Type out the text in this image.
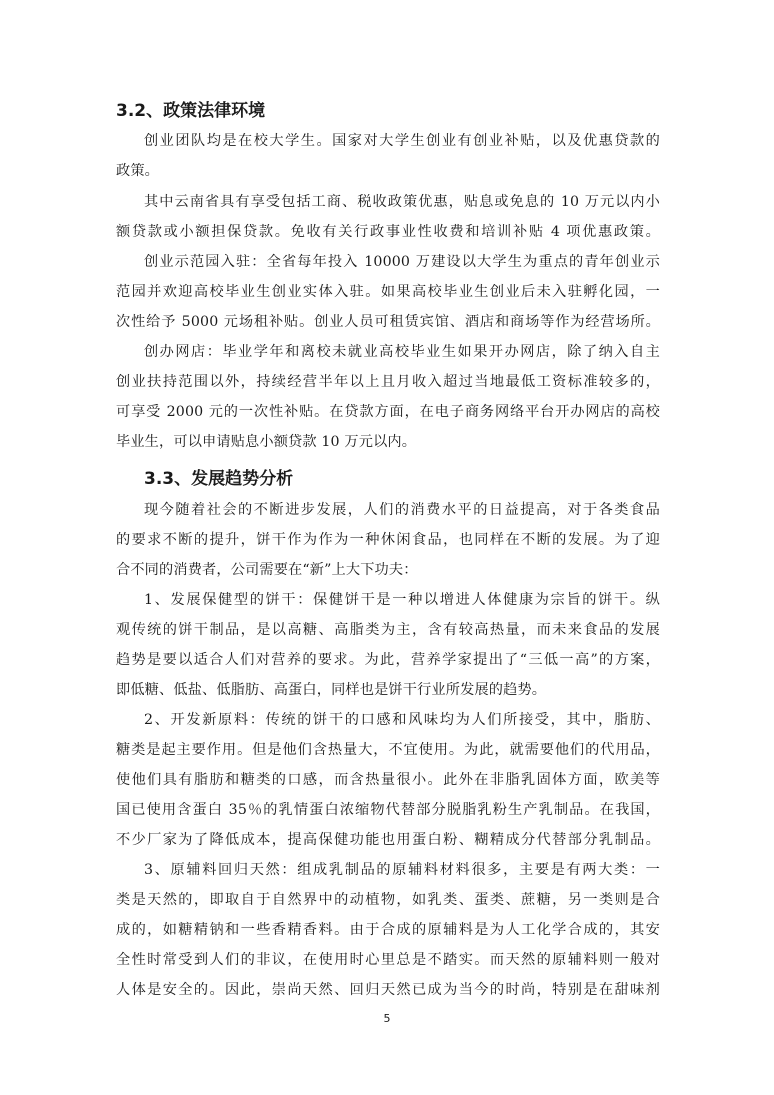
3.2、政策法律环境
创业团队均是在校大学生。国家对大学生创业有创业补贴，以及优惠贷款的
政策。
其中云南省具有享受包括工商、税收政策优惠，贴息或免息的 10 万元以内小
额贷款或小额担保贷款。免收有关行政事业性收费和培训补贴 4 项优惠政策。
创业示范园入驻：全省每年投入 10000 万建设以大学生为重点的青年创业示
范园并欢迎高校毕业生创业实体入驻。如果高校毕业生创业后未入驻孵化园，一
次性给予 5000 元场租补贴。创业人员可租赁宾馆、酒店和商场等作为经营场所。
创办网店：毕业学年和离校未就业高校毕业生如果开办网店，除了纳入自主
创业扶持范围以外，持续经营半年以上且月收入超过当地最低工资标准较多的，
可享受 2000 元的一次性补贴。在贷款方面，在电子商务网络平台开办网店的高校
毕业生，可以申请贴息小额贷款 10 万元以内。
3.3、发展趋势分析
现今随着社会的不断进步发展，人们的消费水平的日益提高，对于各类食品
的要求不断的提升，饼干作为作为一种休闲食品，也同样在不断的发展。为了迎
合不同的消费者，公司需要在“新”上大下功夫：
1、发展保健型的饼干：保健饼干是一种以增进人体健康为宗旨的饼干。纵
观传统的饼干制品，是以高糖、高脂类为主，含有较高热量，而未来食品的发展
趋势是要以适合人们对营养的要求。为此，营养学家提出了“三低一高”的方案，
即低糖、低盐、低脂肪、高蛋白，同样也是饼干行业所发展的趋势。
2、开发新原料：传统的饼干的口感和风味均为人们所接受，其中，脂肪、
糖类是起主要作用。但是他们含热量大，不宜使用。为此，就需要他们的代用品，
使他们具有脂肪和糖类的口感，而含热量很小。此外在非脂乳固体方面，欧美等
国已使用含蛋白 35％的乳情蛋白浓缩物代替部分脱脂乳粉生产乳制品。在我国，
不少厂家为了降低成本，提高保健功能也用蛋白粉、糊精成分代替部分乳制品。
3、原辅料回归天然：组成乳制品的原辅料材料很多，主要是有两大类：一
类是天然的，即取自于自然界中的动植物，如乳类、蛋类、蔗糖，另一类则是合
成的，如糖精钠和一些香精香料。由于合成的原辅料是为人工化学合成的，其安
全性时常受到人们的非议，在使用时心里总是不踏实。而天然的原辅料则一般对
人体是安全的。因此，崇尚天然、回归天然已成为当今的时尚，特别是在甜味剂
5
